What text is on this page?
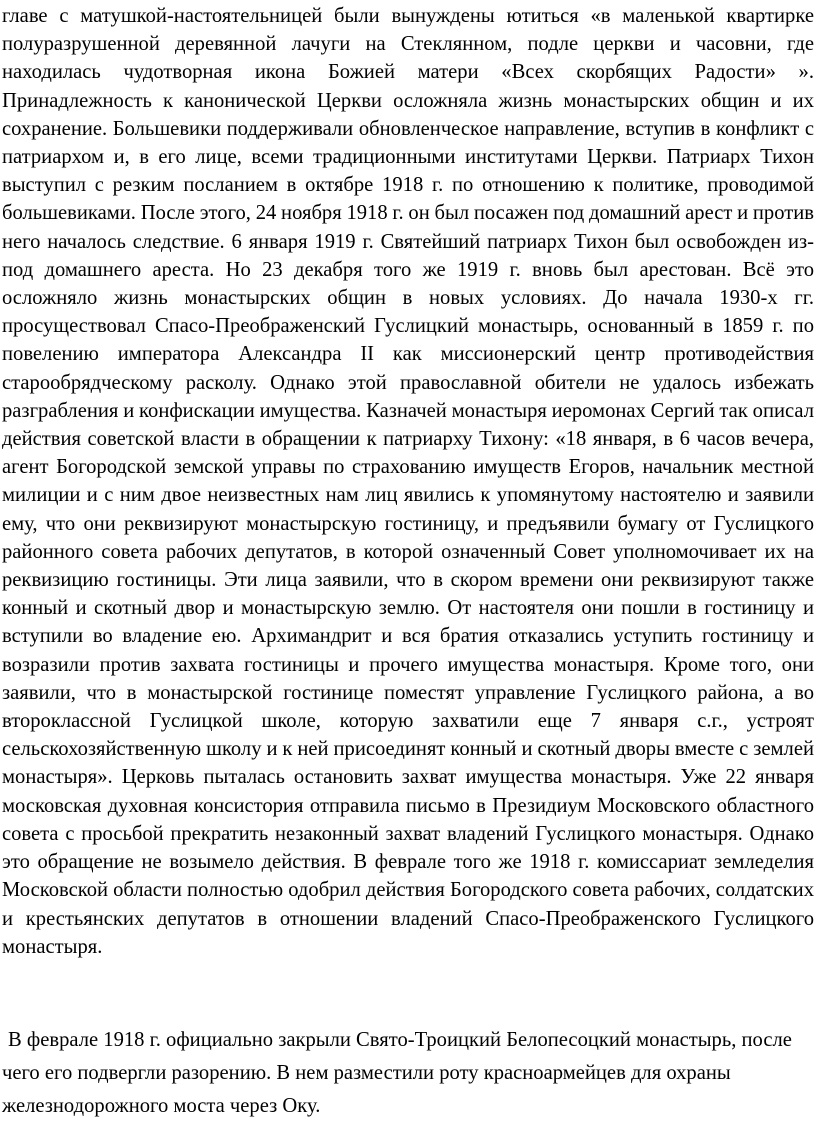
главе с матушкой-настоятельницей были вынуждены ютиться «в маленькой квартирке полуразрушенной деревянной лачуги на Стеклянном, подле церкви и часовни, где находилась чудотворная икона Божией матери «Всех скорбящих Радости» ». Принадлежность к канонической Церкви осложняла жизнь монастырских общин и их сохранение. Большевики поддерживали обновленческое направление, вступив в конфликт с патриархом и, в его лице, всеми традиционными институтами Церкви. Патриарх Тихон выступил с резким посланием в октябре 1918 г. по отношению к политике, проводимой большевиками. После этого, 24 ноября 1918 г. он был посажен под домашний арест и против него началось следствие. 6 января 1919 г. Святейший патриарх Тихон был освобожден из-под домашнего ареста. Но 23 декабря того же 1919 г. вновь был арестован. Всё это осложняло жизнь монастырских общин в новых условиях. До начала 1930-х гг. просуществовал Спасо-Преображенский Гуслицкий монастырь, основанный в 1859 г. по повелению императора Александра II как миссионерский центр противодействия старообрядческому расколу. Однако этой православной обители не удалось избежать разграбления и конфискации имущества. Казначей монастыря иеромонах Сергий так описал действия советской власти в обращении к патриарху Тихону: «18 января, в 6 часов вечера, агент Богородской земской управы по страхованию имуществ Егоров, начальник местной милиции и с ним двое неизвестных нам лиц явились к упомянутому настоятелю и заявили ему, что они реквизируют монастырскую гостиницу, и предъявили бумагу от Гуслицкого районного совета рабочих депутатов, в которой означенный Совет уполномочивает их на реквизицию гостиницы. Эти лица заявили, что в скором времени они реквизируют также конный и скотный двор и монастырскую землю. От настоятеля они пошли в гостиницу и вступили во владение ею. Архимандрит и вся братия отказались уступить гостиницу и возразили против захвата гостиницы и прочего имущества монастыря. Кроме того, они заявили, что в монастырской гостинице поместят управление Гуслицкого района, а во второклассной Гуслицкой школе, которую захватили еще 7 января с.г., устроят сельскохозяйственную школу и к ней присоединят конный и скотный дворы вместе с землей монастыря». Церковь пыталась остановить захват имущества монастыря. Уже 22 января московская духовная консистория отправила письмо в Президиум Московского областного совета с просьбой прекратить незаконный захват владений Гуслицкого монастыря. Однако это обращение не возымело действия. В феврале того же 1918 г. комиссариат земледелия Московской области полностью одобрил действия Богородского совета рабочих, солдатских и крестьянских депутатов в отношении владений Спасо-Преображенского Гуслицкого монастыря.

В феврале 1918 г. официально закрыли Свято-Троицкий Белопесоцкий монастырь, после чего его подвергли разорению. В нем разместили роту красноармейцев для охраны железнодорожного моста через Оку.
